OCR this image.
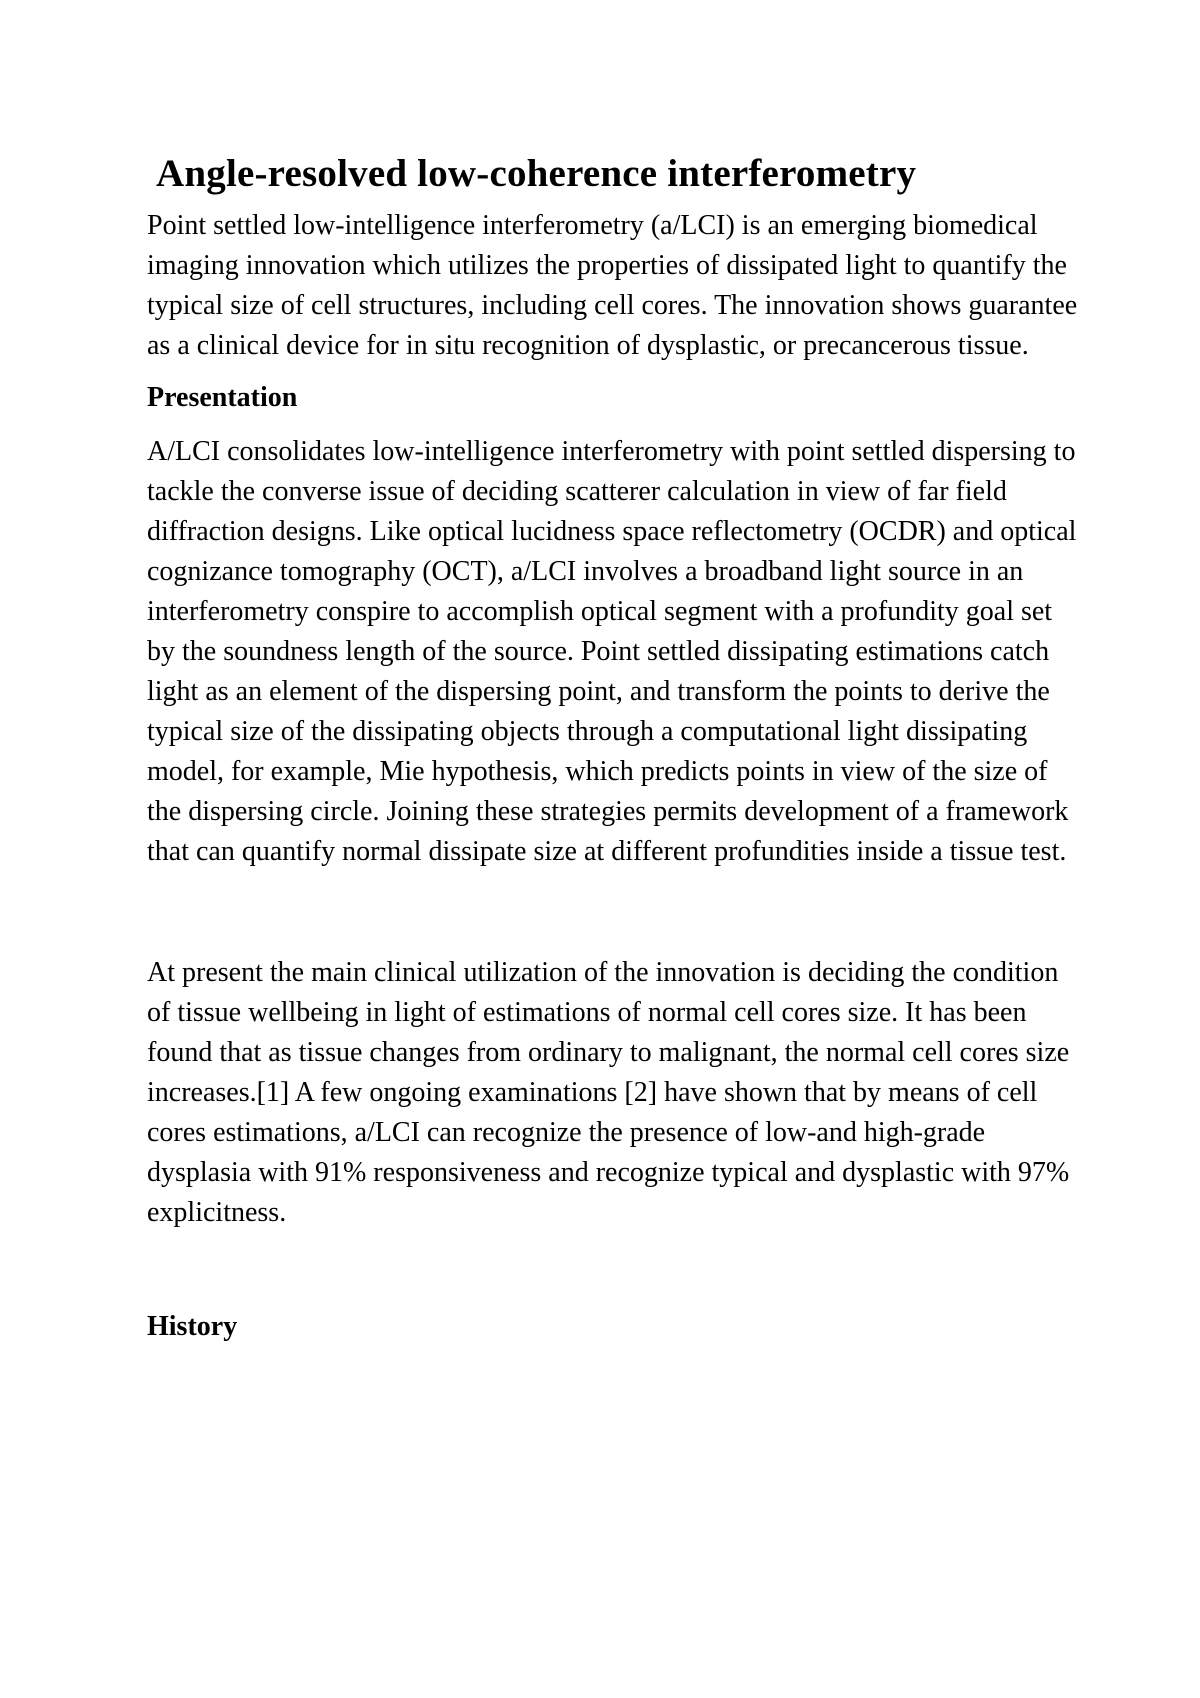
Angle-resolved low-coherence interferometry

Point settled low-intelligence interferometry (a/LCI) is an emerging biomedical imaging innovation which utilizes the properties of dissipated light to quantify the typical size of cell structures, including cell cores. The innovation shows guarantee as a clinical device for in situ recognition of dysplastic, or precancerous tissue.

Presentation

A/LCI consolidates low-intelligence interferometry with point settled dispersing to tackle the converse issue of deciding scatterer calculation in view of far field diffraction designs. Like optical lucidness space reflectometry (OCDR) and optical cognizance tomography (OCT), a/LCI involves a broadband light source in an interferometry conspire to accomplish optical segment with a profundity goal set by the soundness length of the source. Point settled dissipating estimations catch light as an element of the dispersing point, and transform the points to derive the typical size of the dissipating objects through a computational light dissipating model, for example, Mie hypothesis, which predicts points in view of the size of the dispersing circle. Joining these strategies permits development of a framework that can quantify normal dissipate size at different profundities inside a tissue test.

At present the main clinical utilization of the innovation is deciding the condition of tissue wellbeing in light of estimations of normal cell cores size. It has been found that as tissue changes from ordinary to malignant, the normal cell cores size increases.[1] A few ongoing examinations [2] have shown that by means of cell cores estimations, a/LCI can recognize the presence of low-and high-grade dysplasia with 91% responsiveness and recognize typical and dysplastic with 97% explicitness.

History
